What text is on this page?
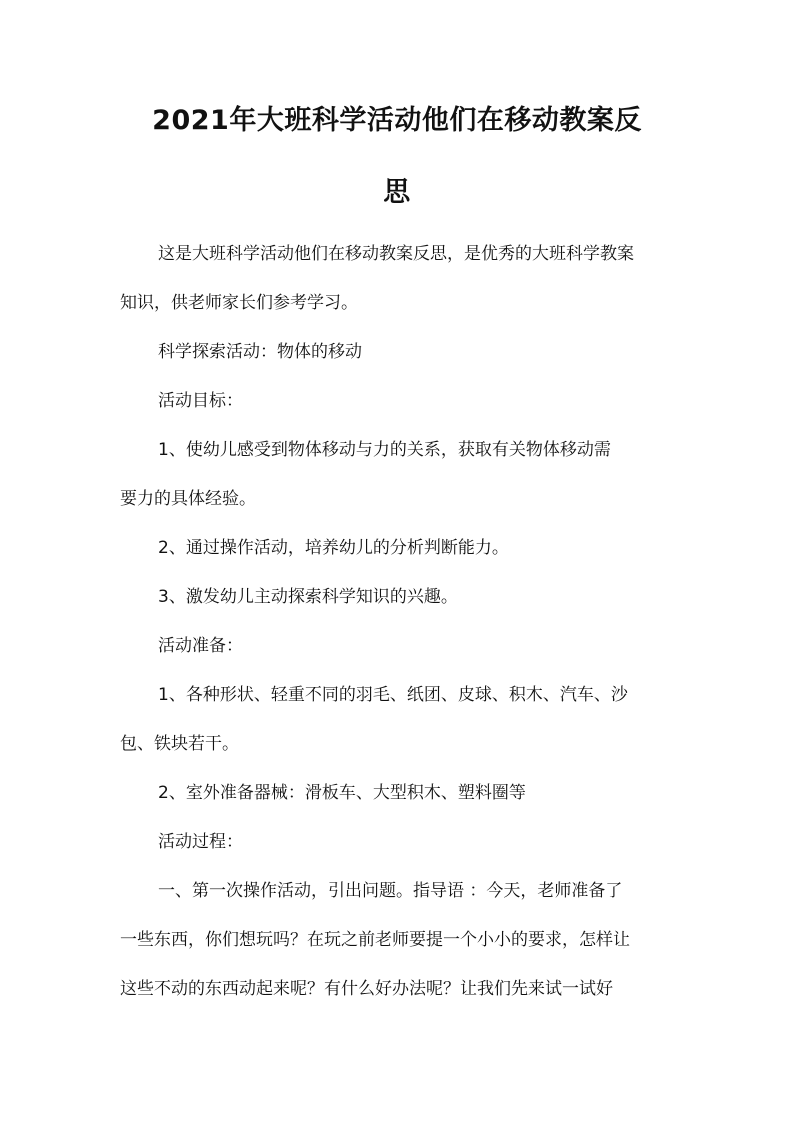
2021年大班科学活动他们在移动教案反
思
这是大班科学活动他们在移动教案反思，是优秀的大班科学教案
知识，供老师家长们参考学习。
科学探索活动：物体的移动
活动目标：
1、使幼儿感受到物体移动与力的关系，获取有关物体移动需
要力的具体经验。
2、通过操作活动，培养幼儿的分析判断能力。
3、激发幼儿主动探索科学知识的兴趣。
活动准备：
1、各种形状、轻重不同的羽毛、纸团、皮球、积木、汽车、沙
包、铁块若干。
2、室外准备器械：滑板车、大型积木、塑料圈等
活动过程：
一、第一次操作活动，引出问题。指导语 ：今天，老师准备了
一些东西，你们想玩吗？在玩之前老师要提一个小小的要求，怎样让
这些不动的东西动起来呢？有什么好办法呢？让我们先来试一试好
